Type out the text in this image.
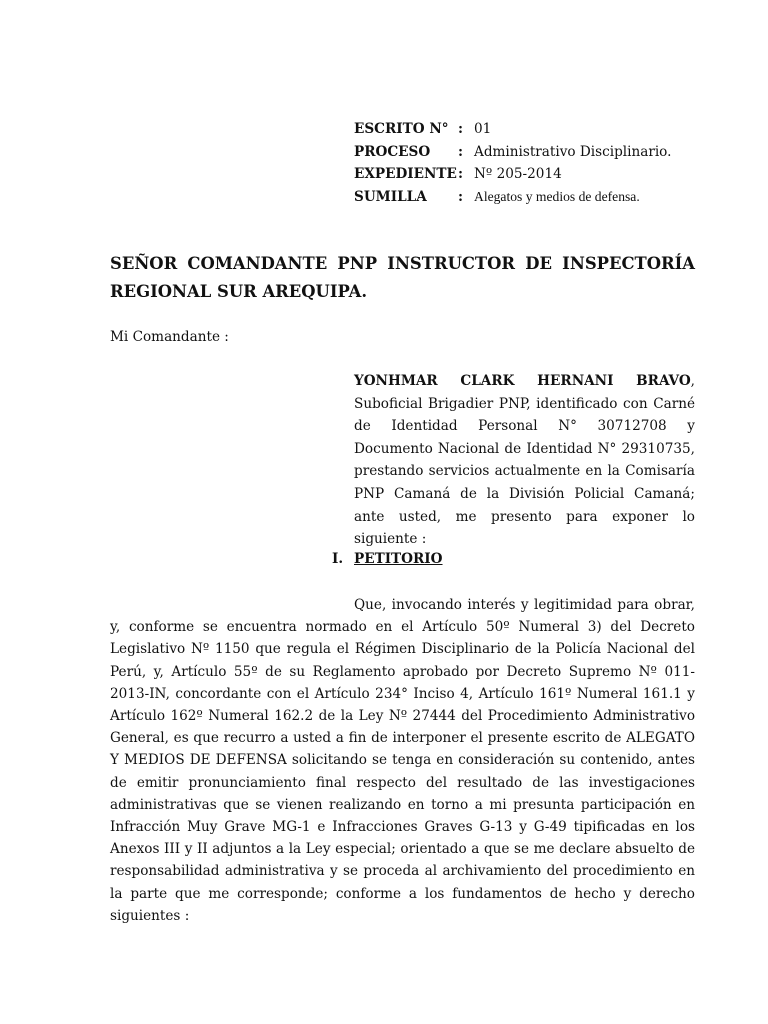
ESCRITO N° : 01
PROCESO	: Administrativo Disciplinario.
EXPEDIENTE : Nº 205-2014
SUMILLA	: Alegatos y medios de defensa.
SEÑOR COMANDANTE PNP INSTRUCTOR DE INSPECTORÍA REGIONAL SUR AREQUIPA.
Mi Comandante :
YONHMAR CLARK HERNANI BRAVO, Suboficial Brigadier PNP, identificado con Carné de Identidad Personal N° 30712708 y Documento Nacional de Identidad N° 29310735, prestando servicios actualmente en la Comisaría PNP Camaná de la División Policial Camaná; ante usted, me presento para exponer lo siguiente :
I. PETITORIO
Que, invocando interés y legitimidad para obrar, y, conforme se encuentra normado en el Artículo 50º Numeral 3) del Decreto Legislativo Nº 1150 que regula el Régimen Disciplinario de la Policía Nacional del Perú, y, Artículo 55º de su Reglamento aprobado por Decreto Supremo Nº 011-2013-IN, concordante con el Artículo 234° Inciso 4, Artículo 161º Numeral 161.1 y Artículo 162º Numeral 162.2 de la Ley Nº 27444 del Procedimiento Administrativo General, es que recurro a usted a fin de interponer el presente escrito de ALEGATO Y MEDIOS DE DEFENSA solicitando se tenga en consideración su contenido, antes de emitir pronunciamiento final respecto del resultado de las investigaciones administrativas que se vienen realizando en torno a mi presunta participación en Infracción Muy Grave MG-1 e Infracciones Graves G-13 y G-49 tipificadas en los Anexos III y II adjuntos a la Ley especial; orientado a que se me declare absuelto de responsabilidad administrativa y se proceda al archivamiento del procedimiento en la parte que me corresponde; conforme a los fundamentos de hecho y derecho siguientes :
